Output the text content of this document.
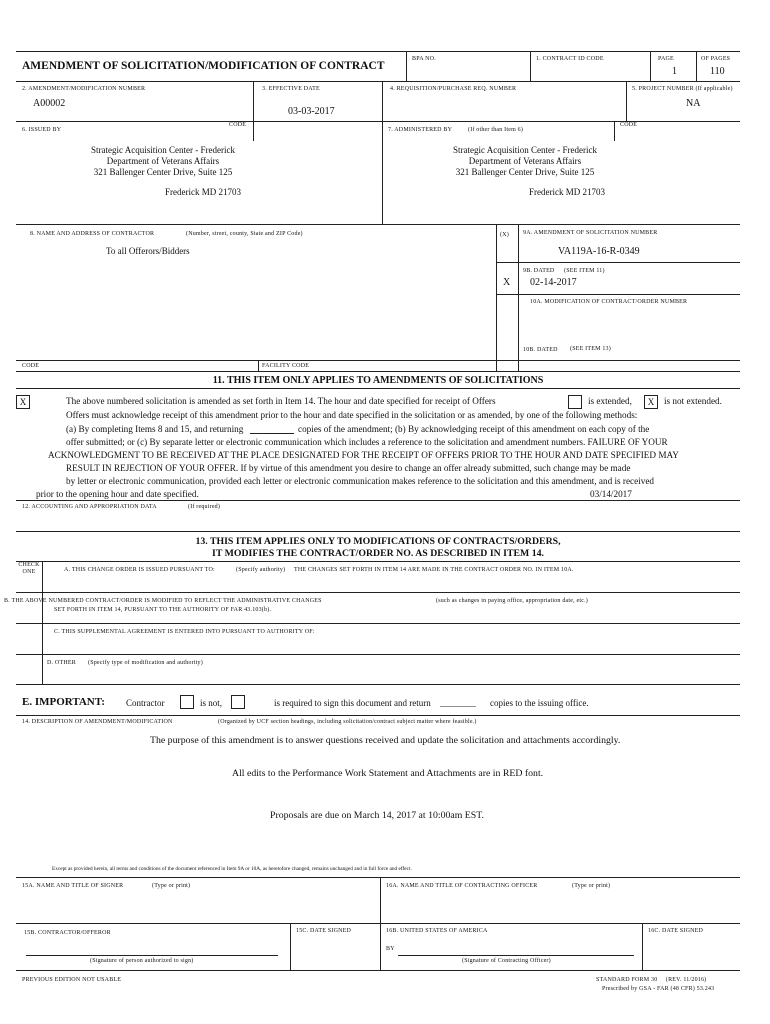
AMENDMENT OF SOLICITATION/MODIFICATION OF CONTRACT
BPA NO.	1. CONTRACT ID CODE	PAGE	OF PAGES
1	110
2. AMENDMENT/MODIFICATION NUMBER
A00002
3. EFFECTIVE DATE
03-03-2017
4. REQUISITION/PURCHASE REQ. NUMBER	5. PROJECT NUMBER (If applicable)
NA
6. ISSUED BY
CODE
Strategic Acquisition Center - Frederick
Department of Veterans Affairs
321 Ballenger Center Drive, Suite 125
Frederick MD 21703
7. ADMINISTERED BY	(If other than Item 6)
CODE
Strategic Acquisition Center - Frederick
Department of Veterans Affairs
321 Ballenger Center Drive, Suite 125
Frederick MD 21703
8. NAME AND ADDRESS OF CONTRACTOR	(Number, street, county, State and ZIP Code)
To all Offerors/Bidders
CODE	FACILITY CODE
(X) 9A. AMENDMENT OF SOLICITATION NUMBER
VA119A-16-R-0349
9B. DATED (SEE ITEM 11)
X 02-14-2017
10A. MODIFICATION OF CONTRACT/ORDER NUMBER
10B. DATED (SEE ITEM 13)
11. THIS ITEM ONLY APPLIES TO AMENDMENTS OF SOLICITATIONS
X	The above numbered solicitation is amended as set forth in Item 14. The hour and date specified for receipt of Offers	is extended,	X	is not extended.
Offers must acknowledge receipt of this amendment prior to the hour and date specified in the solicitation or as amended, by one of the following methods:
(a) By completing Items 8 and 15, and returning	copies of the amendment; (b) By acknowledging receipt of this amendment on each copy of the
offer submitted; or (c) By separate letter or electronic communication which includes a reference to the solicitation and amendment numbers. FAILURE OF YOUR
ACKNOWLEDGMENT TO BE RECEIVED AT THE PLACE DESIGNATED FOR THE RECEIPT OF OFFERS PRIOR TO THE HOUR AND DATE SPECIFIED MAY
RESULT IN REJECTION OF YOUR OFFER. If by virtue of this amendment you desire to change an offer already submitted, such change may be made
by letter or electronic communication, provided each letter or electronic communication makes reference to the solicitation and this amendment, and is received
prior to the opening hour and date specified.	03/14/2017
12. ACCOUNTING AND APPROPRIATION DATA	(If required)
13. THIS ITEM APPLIES ONLY TO MODIFICATIONS OF CONTRACTS/ORDERS,
IT MODIFIES THE CONTRACT/ORDER NO. AS DESCRIBED IN ITEM 14.
CHECK ONE	A. THIS CHANGE ORDER IS ISSUED PURSUANT TO:	(Specify authority) THE CHANGES SET FORTH IN ITEM 14 ARE MADE IN THE CONTRACT ORDER NO. IN ITEM 10A.
B. THE ABOVE NUMBERED CONTRACT/ORDER IS MODIFIED TO REFLECT THE ADMINISTRATIVE CHANGES	(such as changes in paying office, appropriation date, etc.)
SET FORTH IN ITEM 14, PURSUANT TO THE AUTHORITY OF FAR 43.103(b).
C. THIS SUPPLEMENTAL AGREEMENT IS ENTERED INTO PURSUANT TO AUTHORITY OF:
D. OTHER (Specify type of modification and authority)
E. IMPORTANT: Contractor	is not,	is required to sign this document and return ________ copies to the issuing office.
14. DESCRIPTION OF AMENDMENT/MODIFICATION	(Organized by UCF section headings, including solicitation/contract subject matter where feasible.)
The purpose of this amendment is to answer questions received and update the solicitation and attachments accordingly.
All edits to the Performance Work Statement and Attachments are in RED font.
Proposals are due on March 14, 2017 at 10:00am EST.
Except as provided herein, all terms and conditions of the document referenced in Item 9A or 10A, as heretofore changed, remains unchanged and in full force and effect.
15A. NAME AND TITLE OF SIGNER	(Type or print)	16A. NAME AND TITLE OF CONTRACTING OFFICER	(Type or print)
15B. CONTRACTOR/OFFEROR	15C. DATE SIGNED	16B. UNITED STATES OF AMERICA	16C. DATE SIGNED
(Signature of person authorized to sign)
BY
(Signature of Contracting Officer)
PREVIOUS EDITION NOT USABLE	STANDARD FORM 30     (REV. 11/2016)
Prescribed by GSA - FAR (48 CFR) 53.243
